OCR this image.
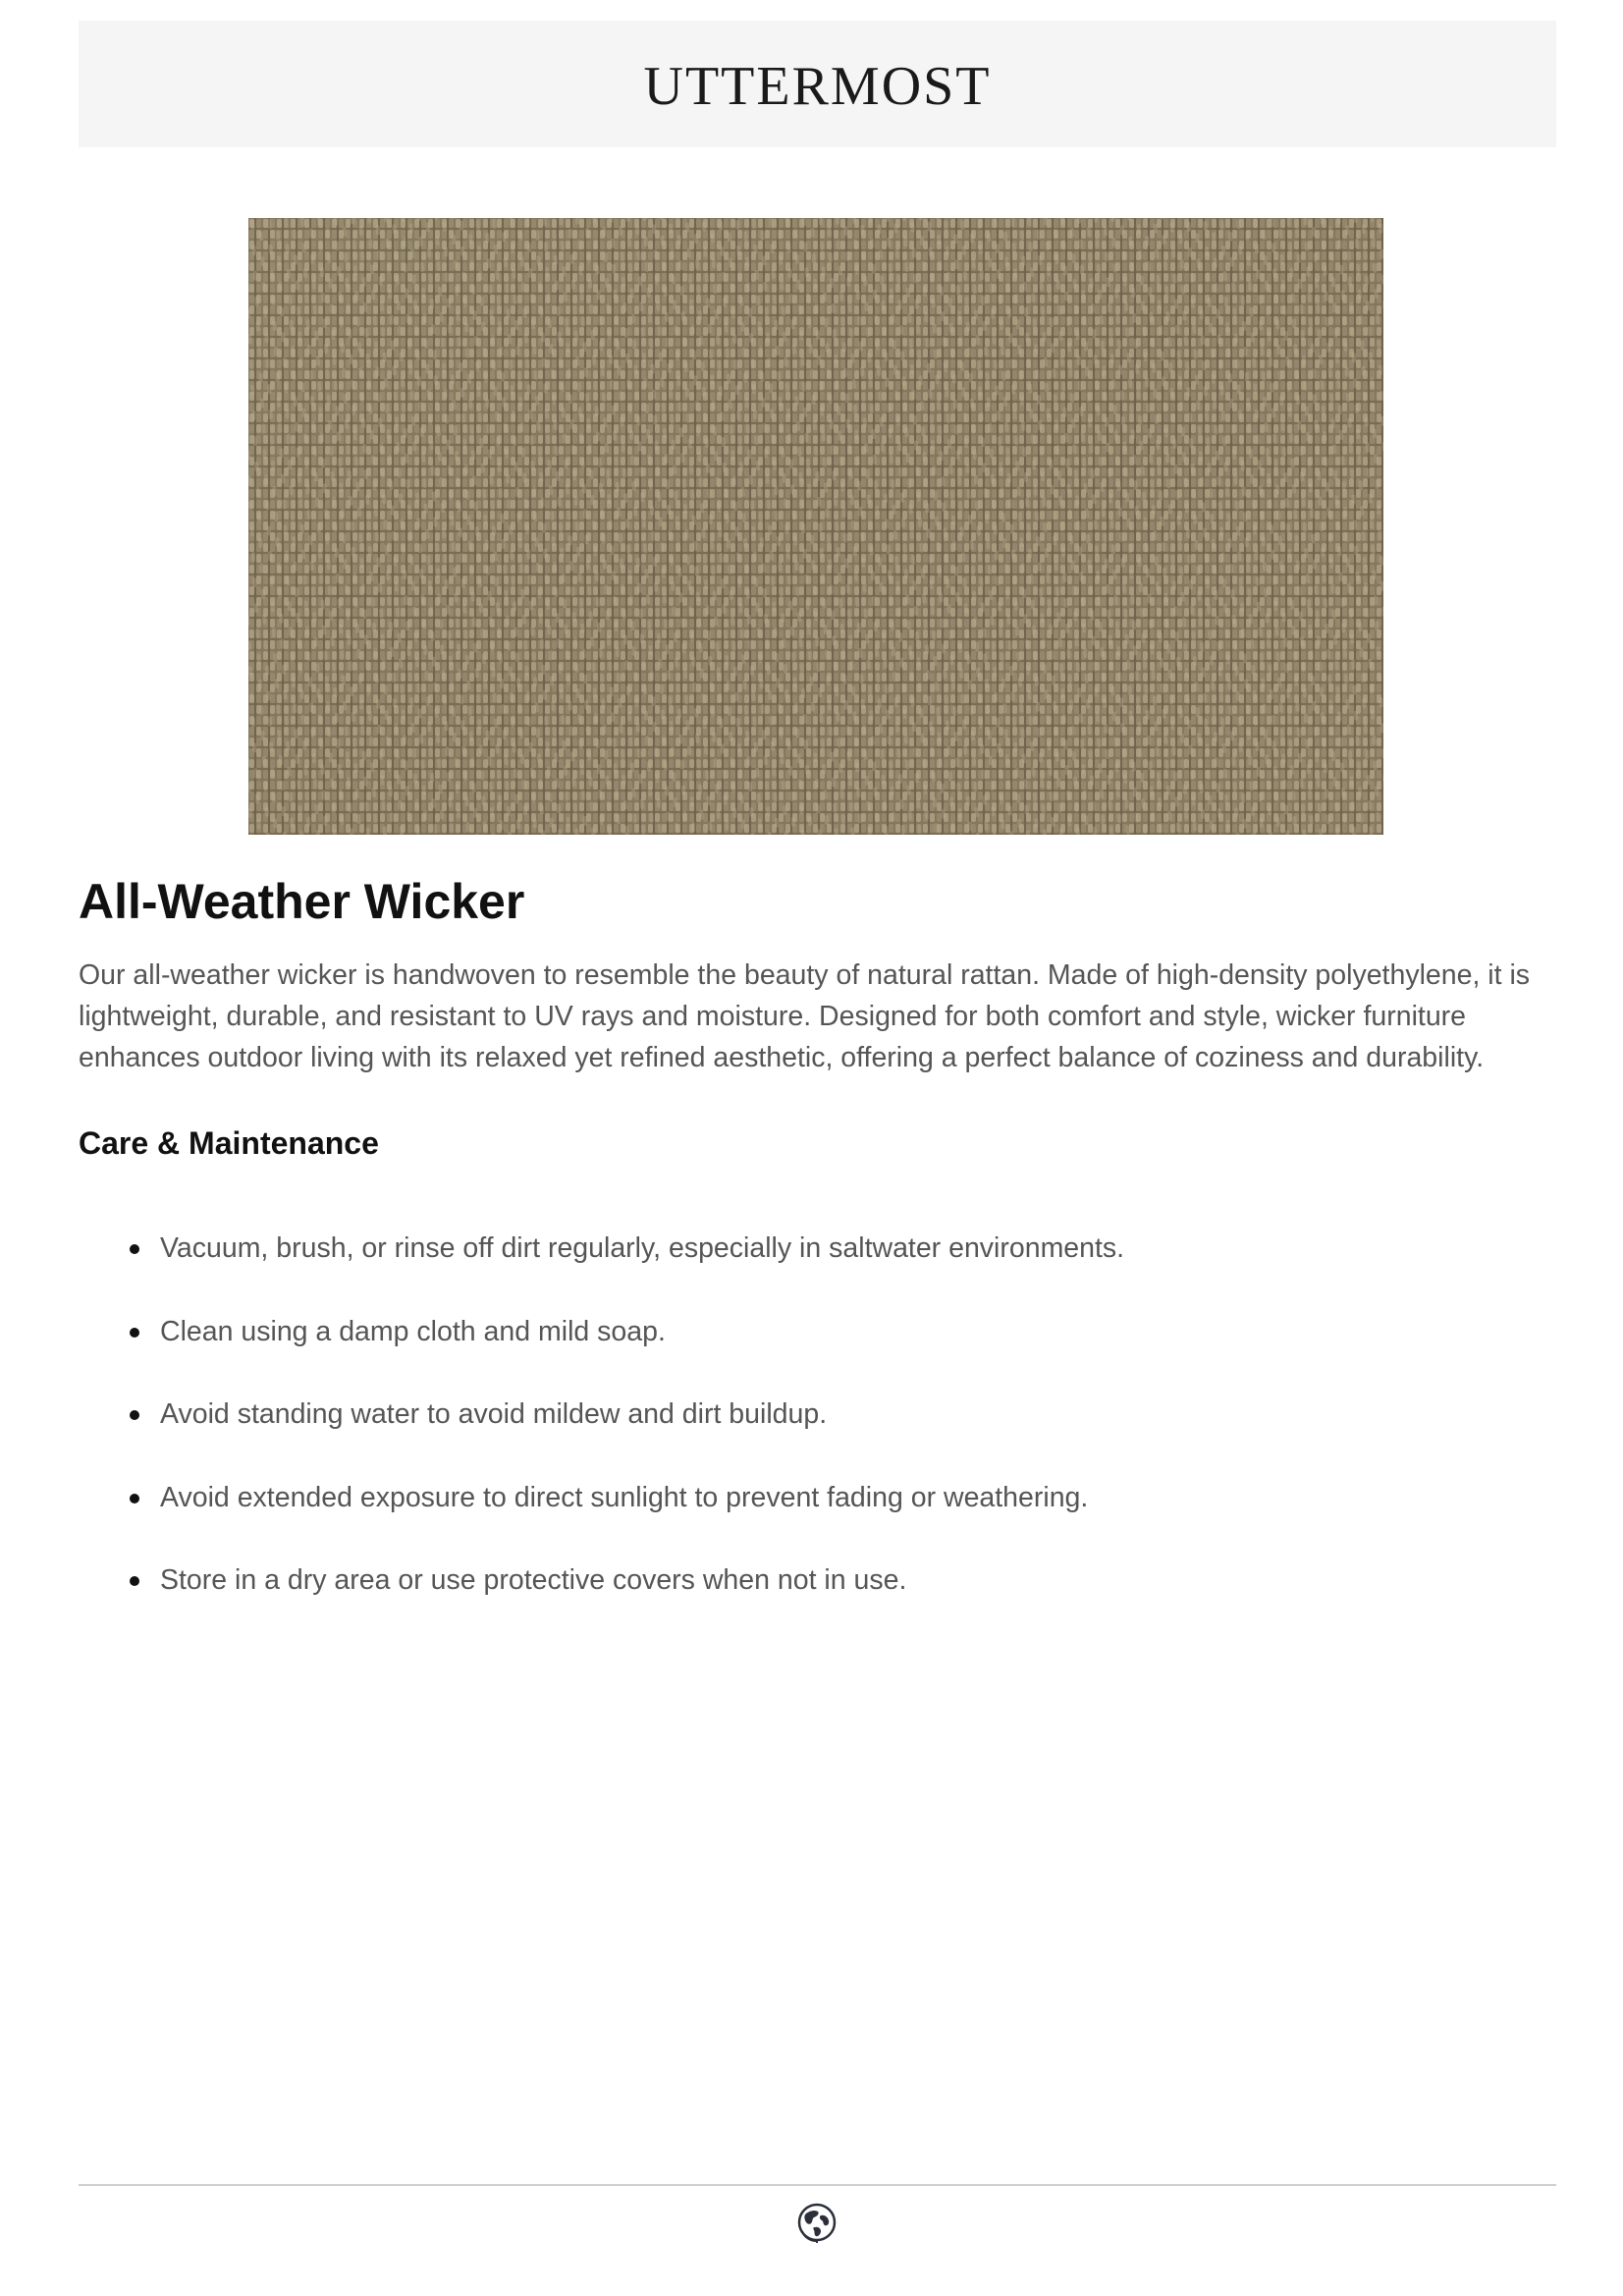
UTTERMOST
All-Weather Wicker

Our all-weather wicker is handwoven to resemble the beauty of natural rattan. Made of high-density polyethylene, it is lightweight, durable, and resistant to UV rays and moisture. Designed for both comfort and style, wicker furniture enhances outdoor living with its relaxed yet refined aesthetic, offering a perfect balance of coziness and durability.

Care & Maintenance
Vacuum, brush, or rinse off dirt regularly, especially in saltwater environments.
Clean using a damp cloth and mild soap.
Avoid standing water to avoid mildew and dirt buildup.
Avoid extended exposure to direct sunlight to prevent fading or weathering.
Store in a dry area or use protective covers when not in use.
